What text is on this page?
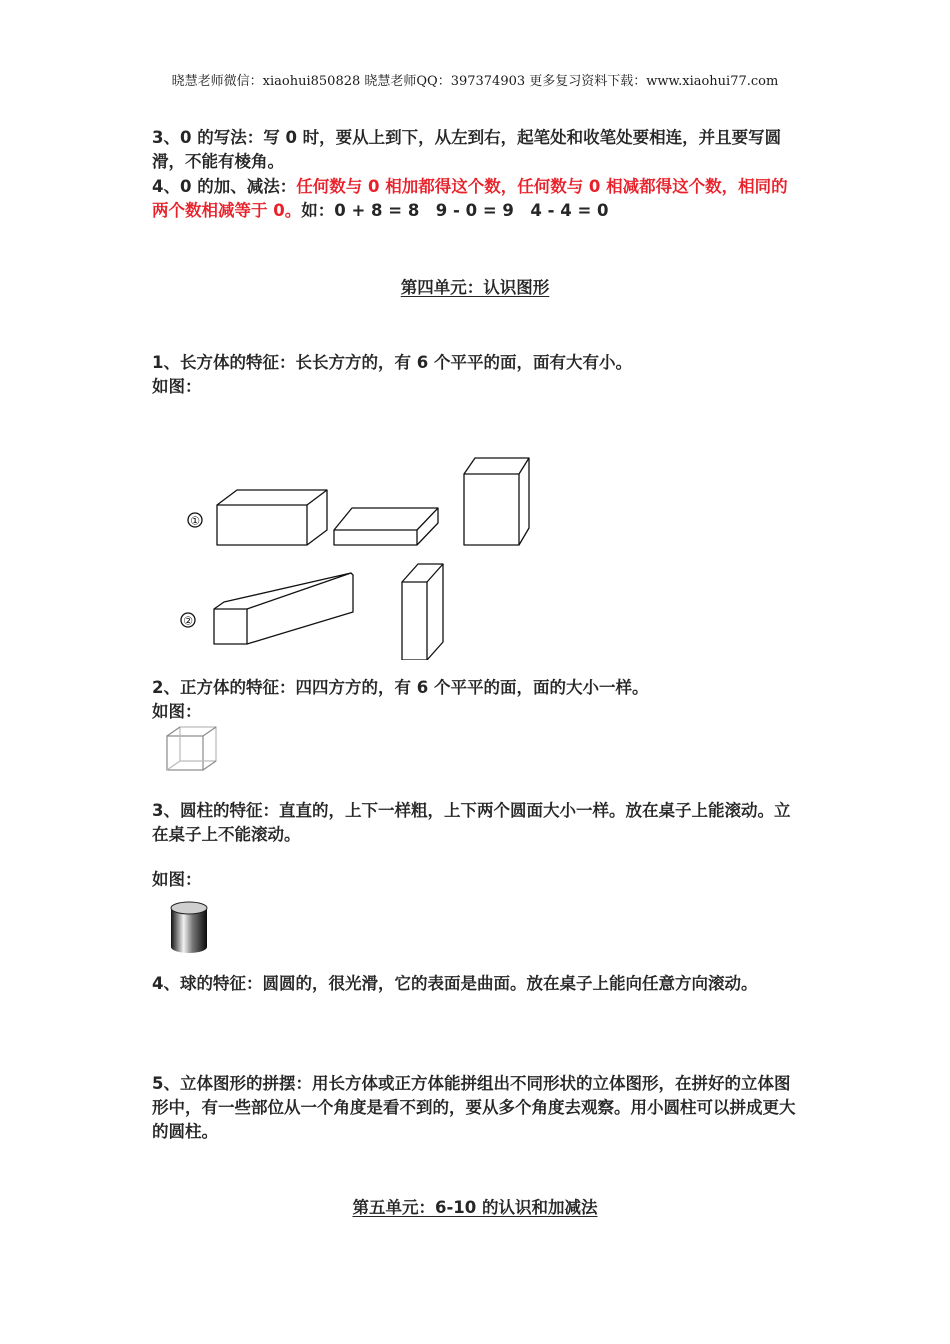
晓慧老师微信：xiaohui850828 晓慧老师QQ：397374903 更多复习资料下载：www.xiaohui77.com
3、0 的写法：写 0 时，要从上到下，从左到右，起笔处和收笔处要相连，并且要写圆滑，不能有棱角。
4、0 的加、减法：任何数与 0 相加都得这个数，任何数与 0 相减都得这个数，相同的两个数相减等于 0。如：0 + 8 = 8　9 - 0 = 9　4 - 4 = 0
第四单元：认识图形
1、长方体的特征：长长方方的，有 6 个平平的面，面有大有小。
如图：
①
②
2、正方体的特征：四四方方的，有 6 个平平的面，面的大小一样。
如图：
3、圆柱的特征：直直的，上下一样粗，上下两个圆面大小一样。放在桌子上能滚动。立在桌子上不能滚动。
如图：
4、球的特征：圆圆的，很光滑，它的表面是曲面。放在桌子上能向任意方向滚动。
5、立体图形的拼摆：用长方体或正方体能拼组出不同形状的立体图形，在拼好的立体图形中，有一些部位从一个角度是看不到的，要从多个角度去观察。用小圆柱可以拼成更大的圆柱。
第五单元：6-10 的认识和加减法
